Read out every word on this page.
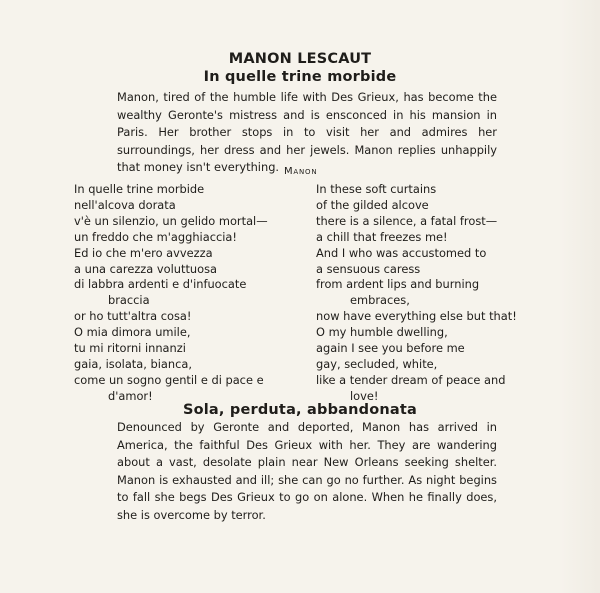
MANON LESCAUT
In quelle trine morbide
Manon, tired of the humble life with Des Grieux, has become the wealthy Geronte's mistress and is ensconced in his mansion in Paris. Her brother stops in to visit her and admires her surroundings, her dress and her jewels. Manon replies unhappily that money isn't everything. Manon
In quelle trine morbide
nell'alcova dorata
v'è un silenzio, un gelido mortal—
un freddo che m'agghiaccia!
Ed io che m'ero avvezza
a una carezza voluttuosa
di labbra ardenti e d'infuocate
braccia
or ho tutt'altra cosa!
O mia dimora umile,
tu mi ritorni innanzi
gaia, isolata, bianca,
come un sogno gentil e di pace e
d'amor!
In these soft curtains
of the gilded alcove
there is a silence, a fatal frost—
a chill that freezes me!
And I who was accustomed to
a sensuous caress
from ardent lips and burning
embraces,
now have everything else but that!
O my humble dwelling,
again I see you before me
gay, secluded, white,
like a tender dream of peace and
love!
Sola, perduta, abbandonata
Denounced by Geronte and deported, Manon has arrived in America, the faithful Des Grieux with her. They are wandering about a vast, desolate plain near New Orleans seeking shelter. Manon is exhausted and ill; she can go no further. As night begins to fall she begs Des Grieux to go on alone. When he finally does, she is overcome by terror.
